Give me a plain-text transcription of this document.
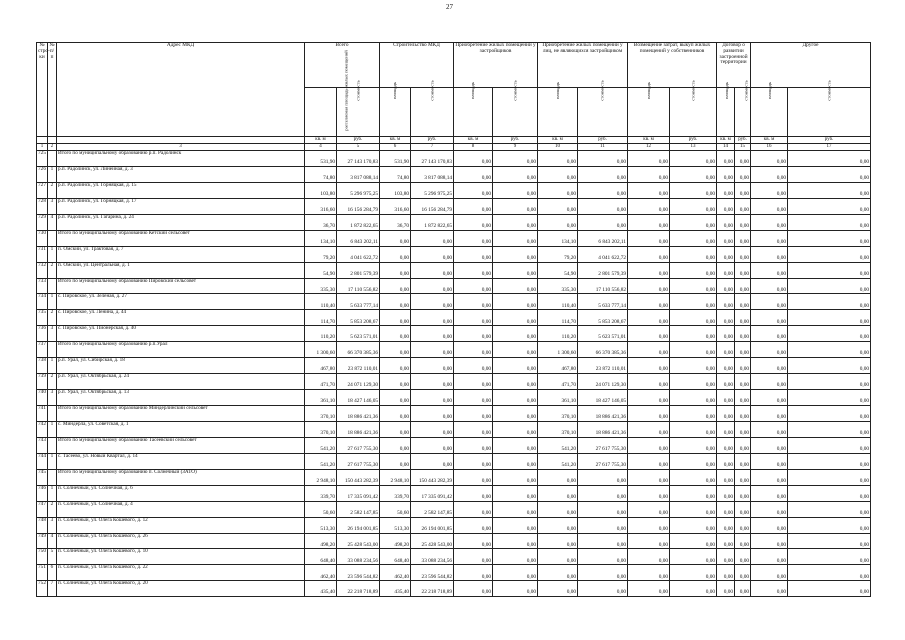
27
№ стро-ки	№ п/п	Адрес МКД	Всего		Строительство МКД		Приобретение жилых помещений у застройщиков		Приобретение жилых помещений у лиц, не являющихся застройщиком		Возмещение затрат, выкуп жилых помещений у собственников		Договор о развитии застроенной территории		Другое	
			расселяемая площадь жилых помещений	стоимость	площадь	стоимость	площадь	стоимость	площадь	стоимость	площадь	стоимость	площадь	стоимость	площадь	стоимость
			кв. м	руб.	кв. м	руб.	кв. м	руб.	кв. м	руб.	кв. м	руб.	кв. м	руб.	кв. м	руб.
1	2	3	4	5	6	7	8	9	10	11	12	13	14	15	16	17
725		Итого по муниципальному образованию р.п. Радолинск	531,90	27 143 170,83	531,90	27 143 170,83	0,00	0,00	0,00	0,00	0,00	0,00	0,00	0,00	0,00	0,00
726	1	р.п. Радолинск, ул. Линейная, д. 3	74,80	3 817 088,14	74,80	3 817 088,14	0,00	0,00	0,00	0,00	0,00	0,00	0,00	0,00	0,00	0,00
727	2	р.п. Радолинск, ул. Горняцкая, д. 15	103,80	5 296 975,25	103,80	5 296 975,25	0,00	0,00	0,00	0,00	0,00	0,00	0,00	0,00	0,00	0,00
728	3	р.п. Радолинск, ул. Горняцкая, д. 17	316,60	16 156 284,79	316,60	16 156 284,79	0,00	0,00	0,00	0,00	0,00	0,00	0,00	0,00	0,00	0,00
729	4	р.п. Радолинск, ул. Гагарина, д. 24	36,70	1 872 822,65	36,70	1 872 822,65	0,00	0,00	0,00	0,00	0,00	0,00	0,00	0,00	0,00	0,00
730		Итого по муниципальному образованию Кетский сельсовет	134,10	6 843 202,11	0,00	0,00	0,00	0,00	134,10	6 843 202,11	0,00	0,00	0,00	0,00	0,00	0,00
731	1	п. Омский, ул. Трактовая, д. 7	79,20	4 041 622,72	0,00	0,00	0,00	0,00	79,20	4 041 622,72	0,00	0,00	0,00	0,00	0,00	0,00
732	2	п. Омский, ул. Центральная, д. 1	54,90	2 801 579,39	0,00	0,00	0,00	0,00	54,90	2 801 579,39	0,00	0,00	0,00	0,00	0,00	0,00
733		Итого по муниципальному образованию Пировский сельсовет	335,30	17 110 556,82	0,00	0,00	0,00	0,00	335,30	17 110 556,82	0,00	0,00	0,00	0,00	0,00	0,00
734	1	с. Пировское, ул. Зеленая, д. 27	110,40	5 633 777,14	0,00	0,00	0,00	0,00	110,40	5 633 777,14	0,00	0,00	0,00	0,00	0,00	0,00
735	2	с. Пировское, ул. Ленина, д. 44	114,70	5 853 208,67	0,00	0,00	0,00	0,00	114,70	5 853 208,67	0,00	0,00	0,00	0,00	0,00	0,00
736	3	с. Пировское, ул. Пионерская, д. 40	110,20	5 623 571,01	0,00	0,00	0,00	0,00	110,20	5 623 571,01	0,00	0,00	0,00	0,00	0,00	0,00
737		Итого по муниципальному образованию р.п.Урал	1 300,60	66 370 385,36	0,00	0,00	0,00	0,00	1 300,60	66 370 385,36	0,00	0,00	0,00	0,00	0,00	0,00
738	1	р.п. Урал, ул. Сибирская, д. 18	467,80	23 872 110,01	0,00	0,00	0,00	0,00	467,80	23 872 110,01	0,00	0,00	0,00	0,00	0,00	0,00
739	2	р.п. Урал, ул. Октябрьская, д. 24	471,70	24 071 129,30	0,00	0,00	0,00	0,00	471,70	24 071 129,30	0,00	0,00	0,00	0,00	0,00	0,00
740	3	р.п. Урал, ул. Октябрьская, д. 13	361,10	18 427 146,05	0,00	0,00	0,00	0,00	361,10	18 427 146,05	0,00	0,00	0,00	0,00	0,00	0,00
741		Итого по муниципальному образованию Миндерлинский сельсовет	370,10	18 886 421,36	0,00	0,00	0,00	0,00	370,10	18 886 421,36	0,00	0,00	0,00	0,00	0,00	0,00
742	1	с. Миндерла, ул. Советская, д. 1	370,10	18 886 421,36	0,00	0,00	0,00	0,00	370,10	18 886 421,36	0,00	0,00	0,00	0,00	0,00	0,00
743		Итого по муниципальному образованию Тасеевский сельсовет	541,20	27 617 755,30	0,00	0,00	0,00	0,00	541,20	27 617 755,30	0,00	0,00	0,00	0,00	0,00	0,00
744	1	с. Тасеево, ул. Новый Квартал, д. 14	541,20	27 617 755,30	0,00	0,00	0,00	0,00	541,20	27 617 755,30	0,00	0,00	0,00	0,00	0,00	0,00
745		Итого по муниципальному образованию п. Солнечный (ЗАТО)	2 948,10	150 443 282,39	2 948,10	150 443 282,39	0,00	0,00	0,00	0,00	0,00	0,00	0,00	0,00	0,00	0,00
746	1	п. Солнечный, ул. Солнечная, д. 6	339,70	17 335 091,42	339,70	17 335 091,42	0,00	0,00	0,00	0,00	0,00	0,00	0,00	0,00	0,00	0,00
747	2	п. Солнечный, ул. Солнечная, д. 4	50,60	2 582 147,85	50,60	2 582 147,85	0,00	0,00	0,00	0,00	0,00	0,00	0,00	0,00	0,00	0,00
748	3	п. Солнечный, ул. Олега Кошевого, д. 12	513,30	26 194 001,85	513,30	26 194 001,85	0,00	0,00	0,00	0,00	0,00	0,00	0,00	0,00	0,00	0,00
749	4	п. Солнечный, ул. Олега Кошевого, д. 26	498,20	25 428 543,00	498,20	25 428 543,00	0,00	0,00	0,00	0,00	0,00	0,00	0,00	0,00	0,00	0,00
750	5	п. Солнечный, ул. Олега Кошевого, д. 10	648,40	33 088 234,56	648,40	33 088 234,56	0,00	0,00	0,00	0,00	0,00	0,00	0,00	0,00	0,00	0,00
751	6	п. Солнечный, ул. Олега Кошевого, д. 22	462,40	23 596 544,82	462,40	23 596 544,82	0,00	0,00	0,00	0,00	0,00	0,00	0,00	0,00	0,00	0,00
752	7	п. Солнечный, ул. Олега Кошевого, д. 20	435,40	22 218 718,89	435,40	22 218 718,89	0,00	0,00	0,00	0,00	0,00	0,00	0,00	0,00	0,00	0,00
